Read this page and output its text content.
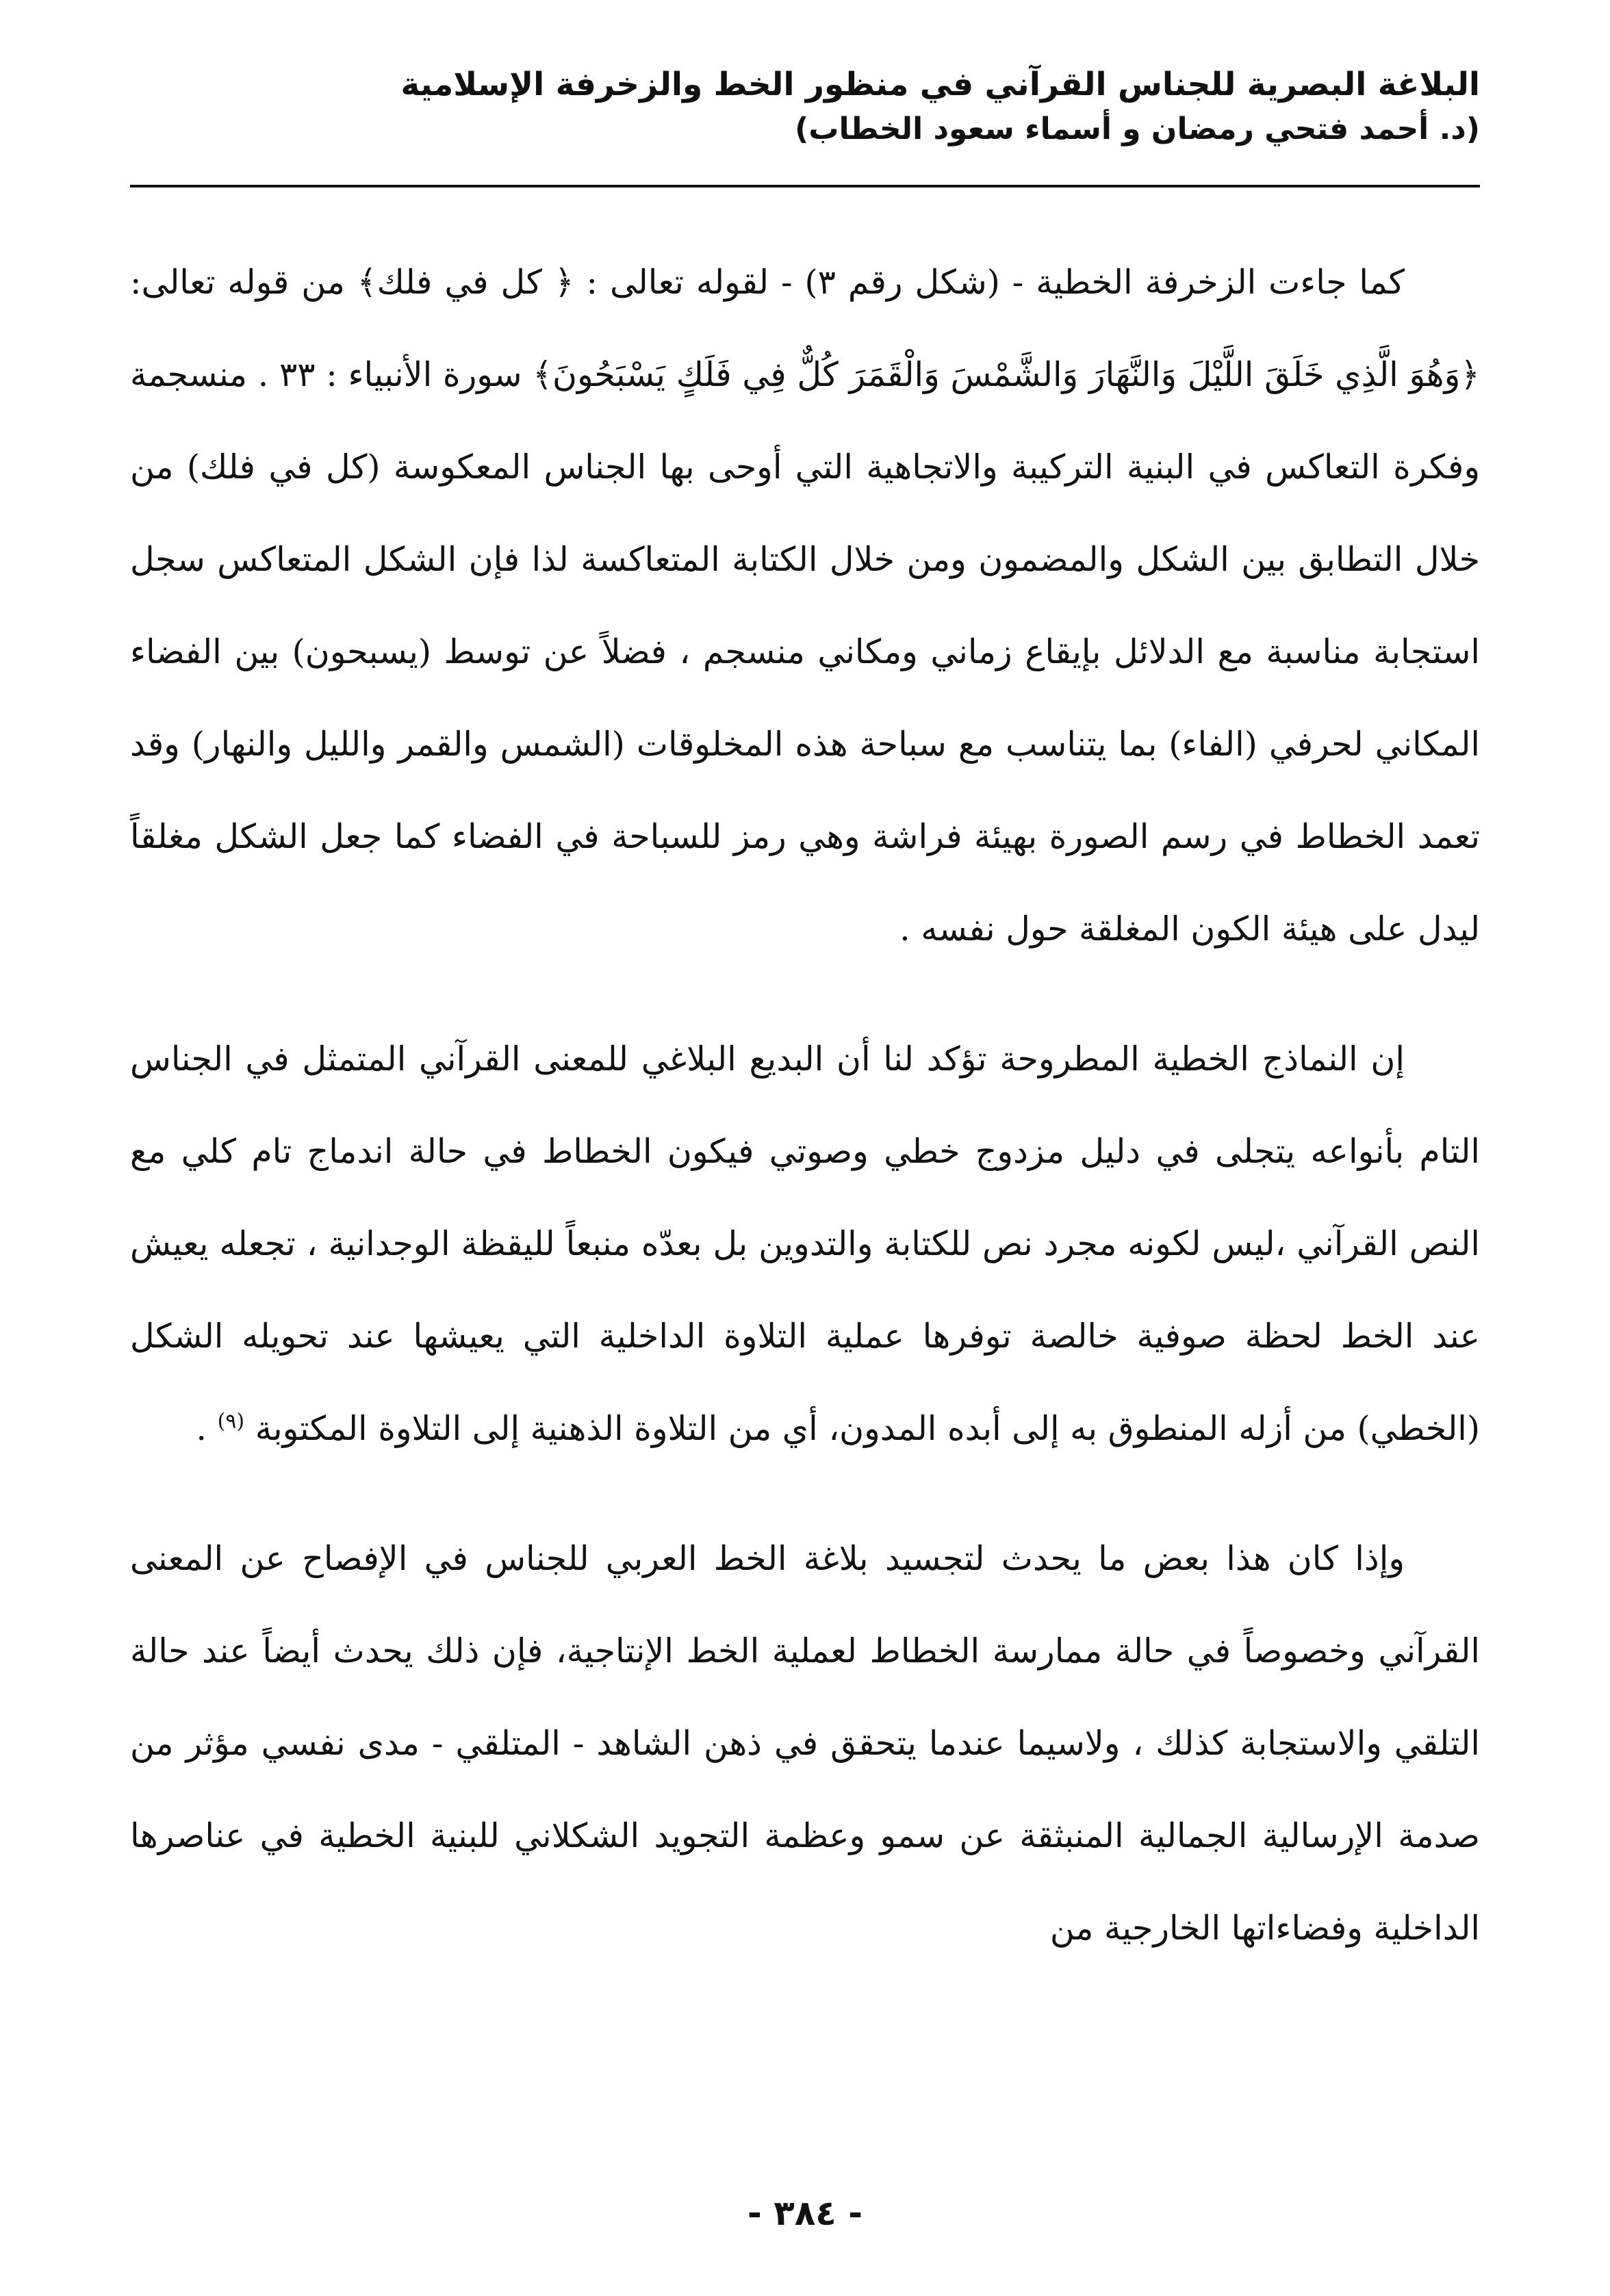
البلاغة البصرية للجناس القرآني في منظور الخط والزخرفة الإسلامية
(د. أحمد فتحي رمضان و أسماء سعود الخطاب)

كما جاءت الزخرفة الخطية - (شكل رقم ٣) - لقوله تعالى : ﴿ كل في فلك﴾ من قوله تعالى: ﴿وَهُوَ الَّذِي خَلَقَ اللَّيْلَ وَالنَّهَارَ وَالشَّمْسَ وَالْقَمَرَ كُلٌّ فِي فَلَكٍ يَسْبَحُونَ﴾ سورة الأنبياء : ٣٣ . منسجمة وفكرة التعاكس في البنية التركيبة والاتجاهية التي أوحى بها الجناس المعكوسة (كل في فلك) من خلال التطابق بين الشكل والمضمون ومن خلال الكتابة المتعاكسة لذا فإن الشكل المتعاكس سجل استجابة مناسبة مع الدلائل بإيقاع زماني ومكاني منسجم ، فضلاً عن توسط (يسبحون) بين الفضاء المكاني لحرفي (الفاء) بما يتناسب مع سباحة هذه المخلوقات (الشمس والقمر والليل والنهار) وقد تعمد الخطاط في رسم الصورة بهيئة فراشة وهي رمز للسباحة في الفضاء كما جعل الشكل مغلقاً ليدل على هيئة الكون المغلقة حول نفسه .

إن النماذج الخطية المطروحة تؤكد لنا أن البديع البلاغي للمعنى القرآني المتمثل في الجناس التام بأنواعه يتجلى في دليل مزدوج خطي وصوتي فيكون الخطاط في حالة اندماج تام كلي مع النص القرآني ،ليس لكونه مجرد نص للكتابة والتدوين بل بعدّه منبعاً لليقظة الوجدانية ، تجعله يعيش عند الخط لحظة صوفية خالصة توفرها عملية التلاوة الداخلية التي يعيشها عند تحويله الشكل (الخطي) من أزله المنطوق به إلى أبده المدون، أي من التلاوة الذهنية إلى التلاوة المكتوبة $^{(٩)}$ .

وإذا كان هذا بعض ما يحدث لتجسيد بلاغة الخط العربي للجناس في الإفصاح عن المعنى القرآني وخصوصاً في حالة ممارسة الخطاط لعملية الخط الإنتاجية، فإن ذلك يحدث أيضاً عند حالة التلقي والاستجابة كذلك ، ولاسيما عندما يتحقق في ذهن الشاهد - المتلقي - مدى نفسي مؤثر من صدمة الإرسالية الجمالية المنبثقة عن سمو وعظمة التجويد الشكلاني للبنية الخطية في عناصرها الداخلية وفضاءاتها الخارجية من

- ٣٨٤ -
